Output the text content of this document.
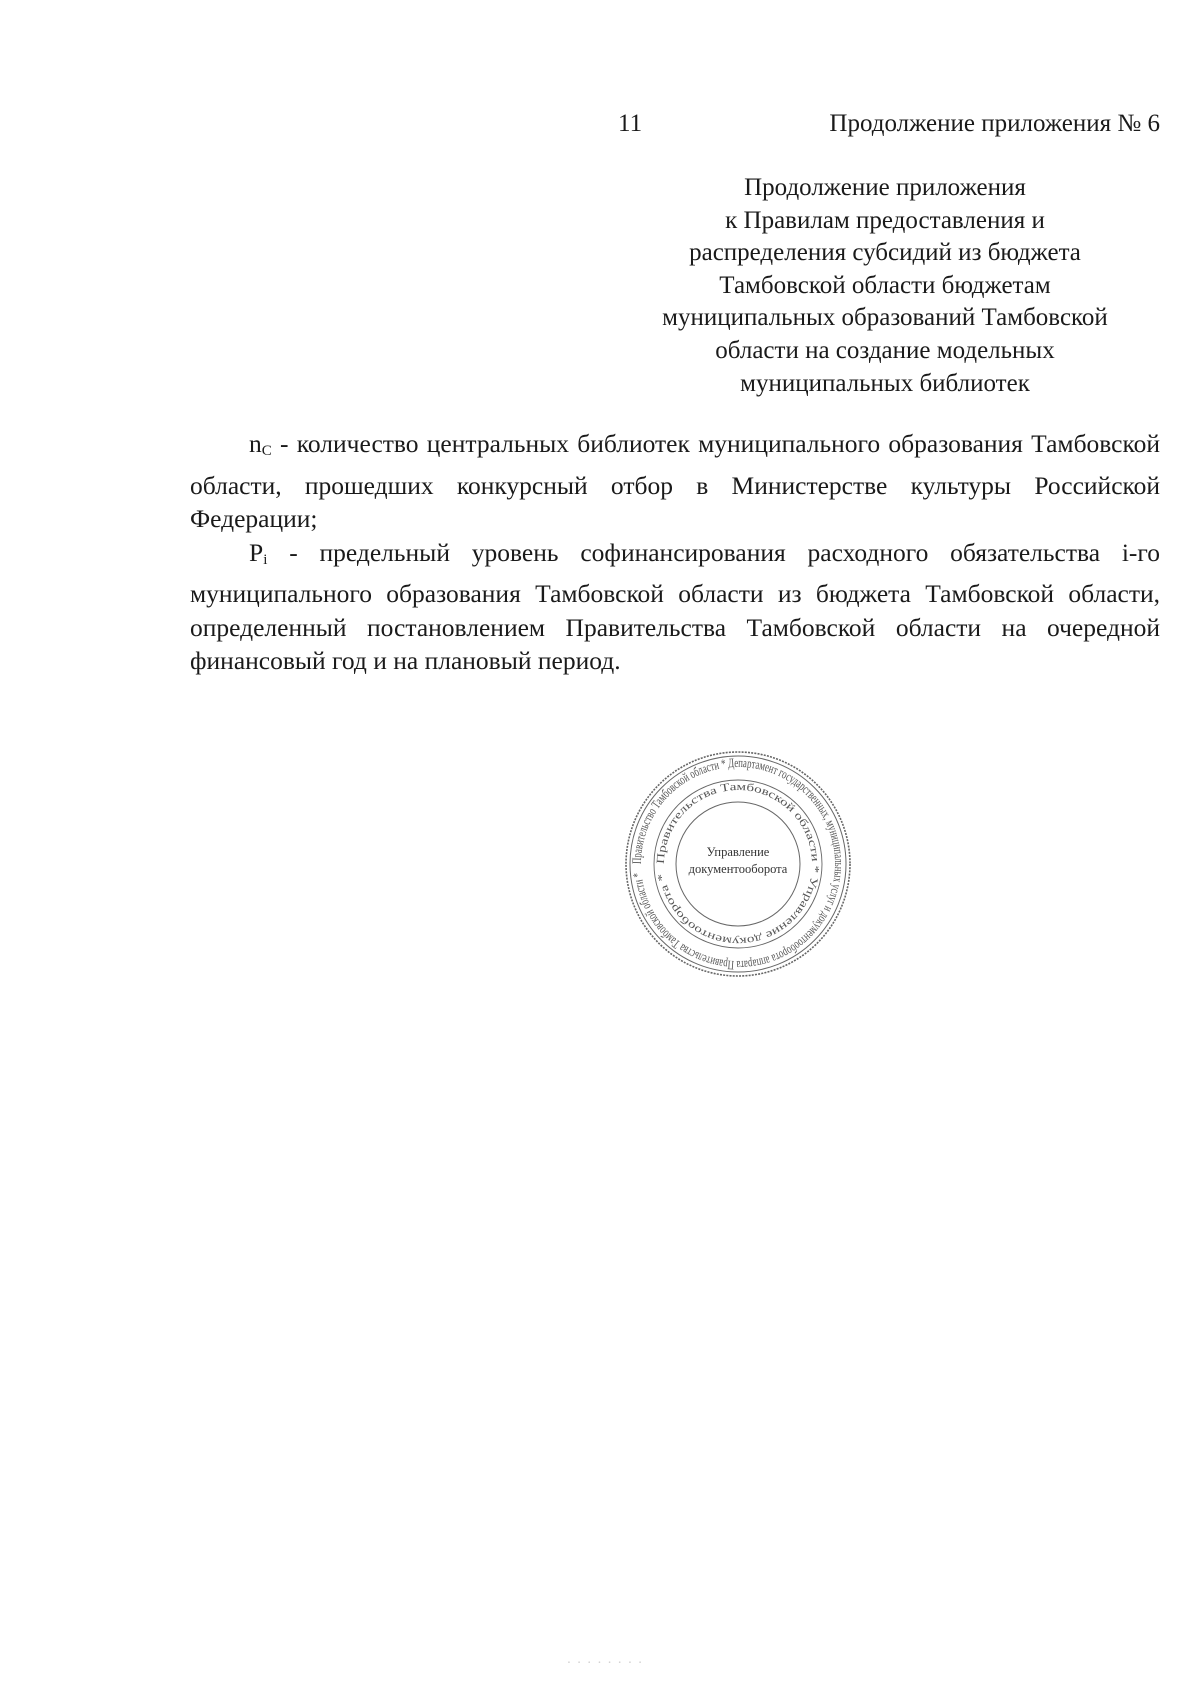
11	Продолжение приложения № 6
Продолжение приложения
к Правилам предоставления и
распределения субсидий из бюджета
Тамбовской области бюджетам
муниципальных образований Тамбовской
области на создание модельных
муниципальных библиотек

$n_C$ - количество центральных библиотек муниципального образования Тамбовской области, прошедших конкурсный отбор в Министерстве культуры Российской Федерации;

$P_i$ - предельный уровень софинансирования расходного обязательства i-го муниципального образования Тамбовской области из бюджета Тамбовской области, определенный постановлением Правительства Тамбовской области на очередной финансовый год и на плановый период.

Правительство Тамбовской области * Департамент государственных, муниципальных услуг и документооборота аппарата Правительства Тамбовской области *
Правительства Тамбовской области * Управление документооборота *
Управление
документооборота
· · · · · · · ·
